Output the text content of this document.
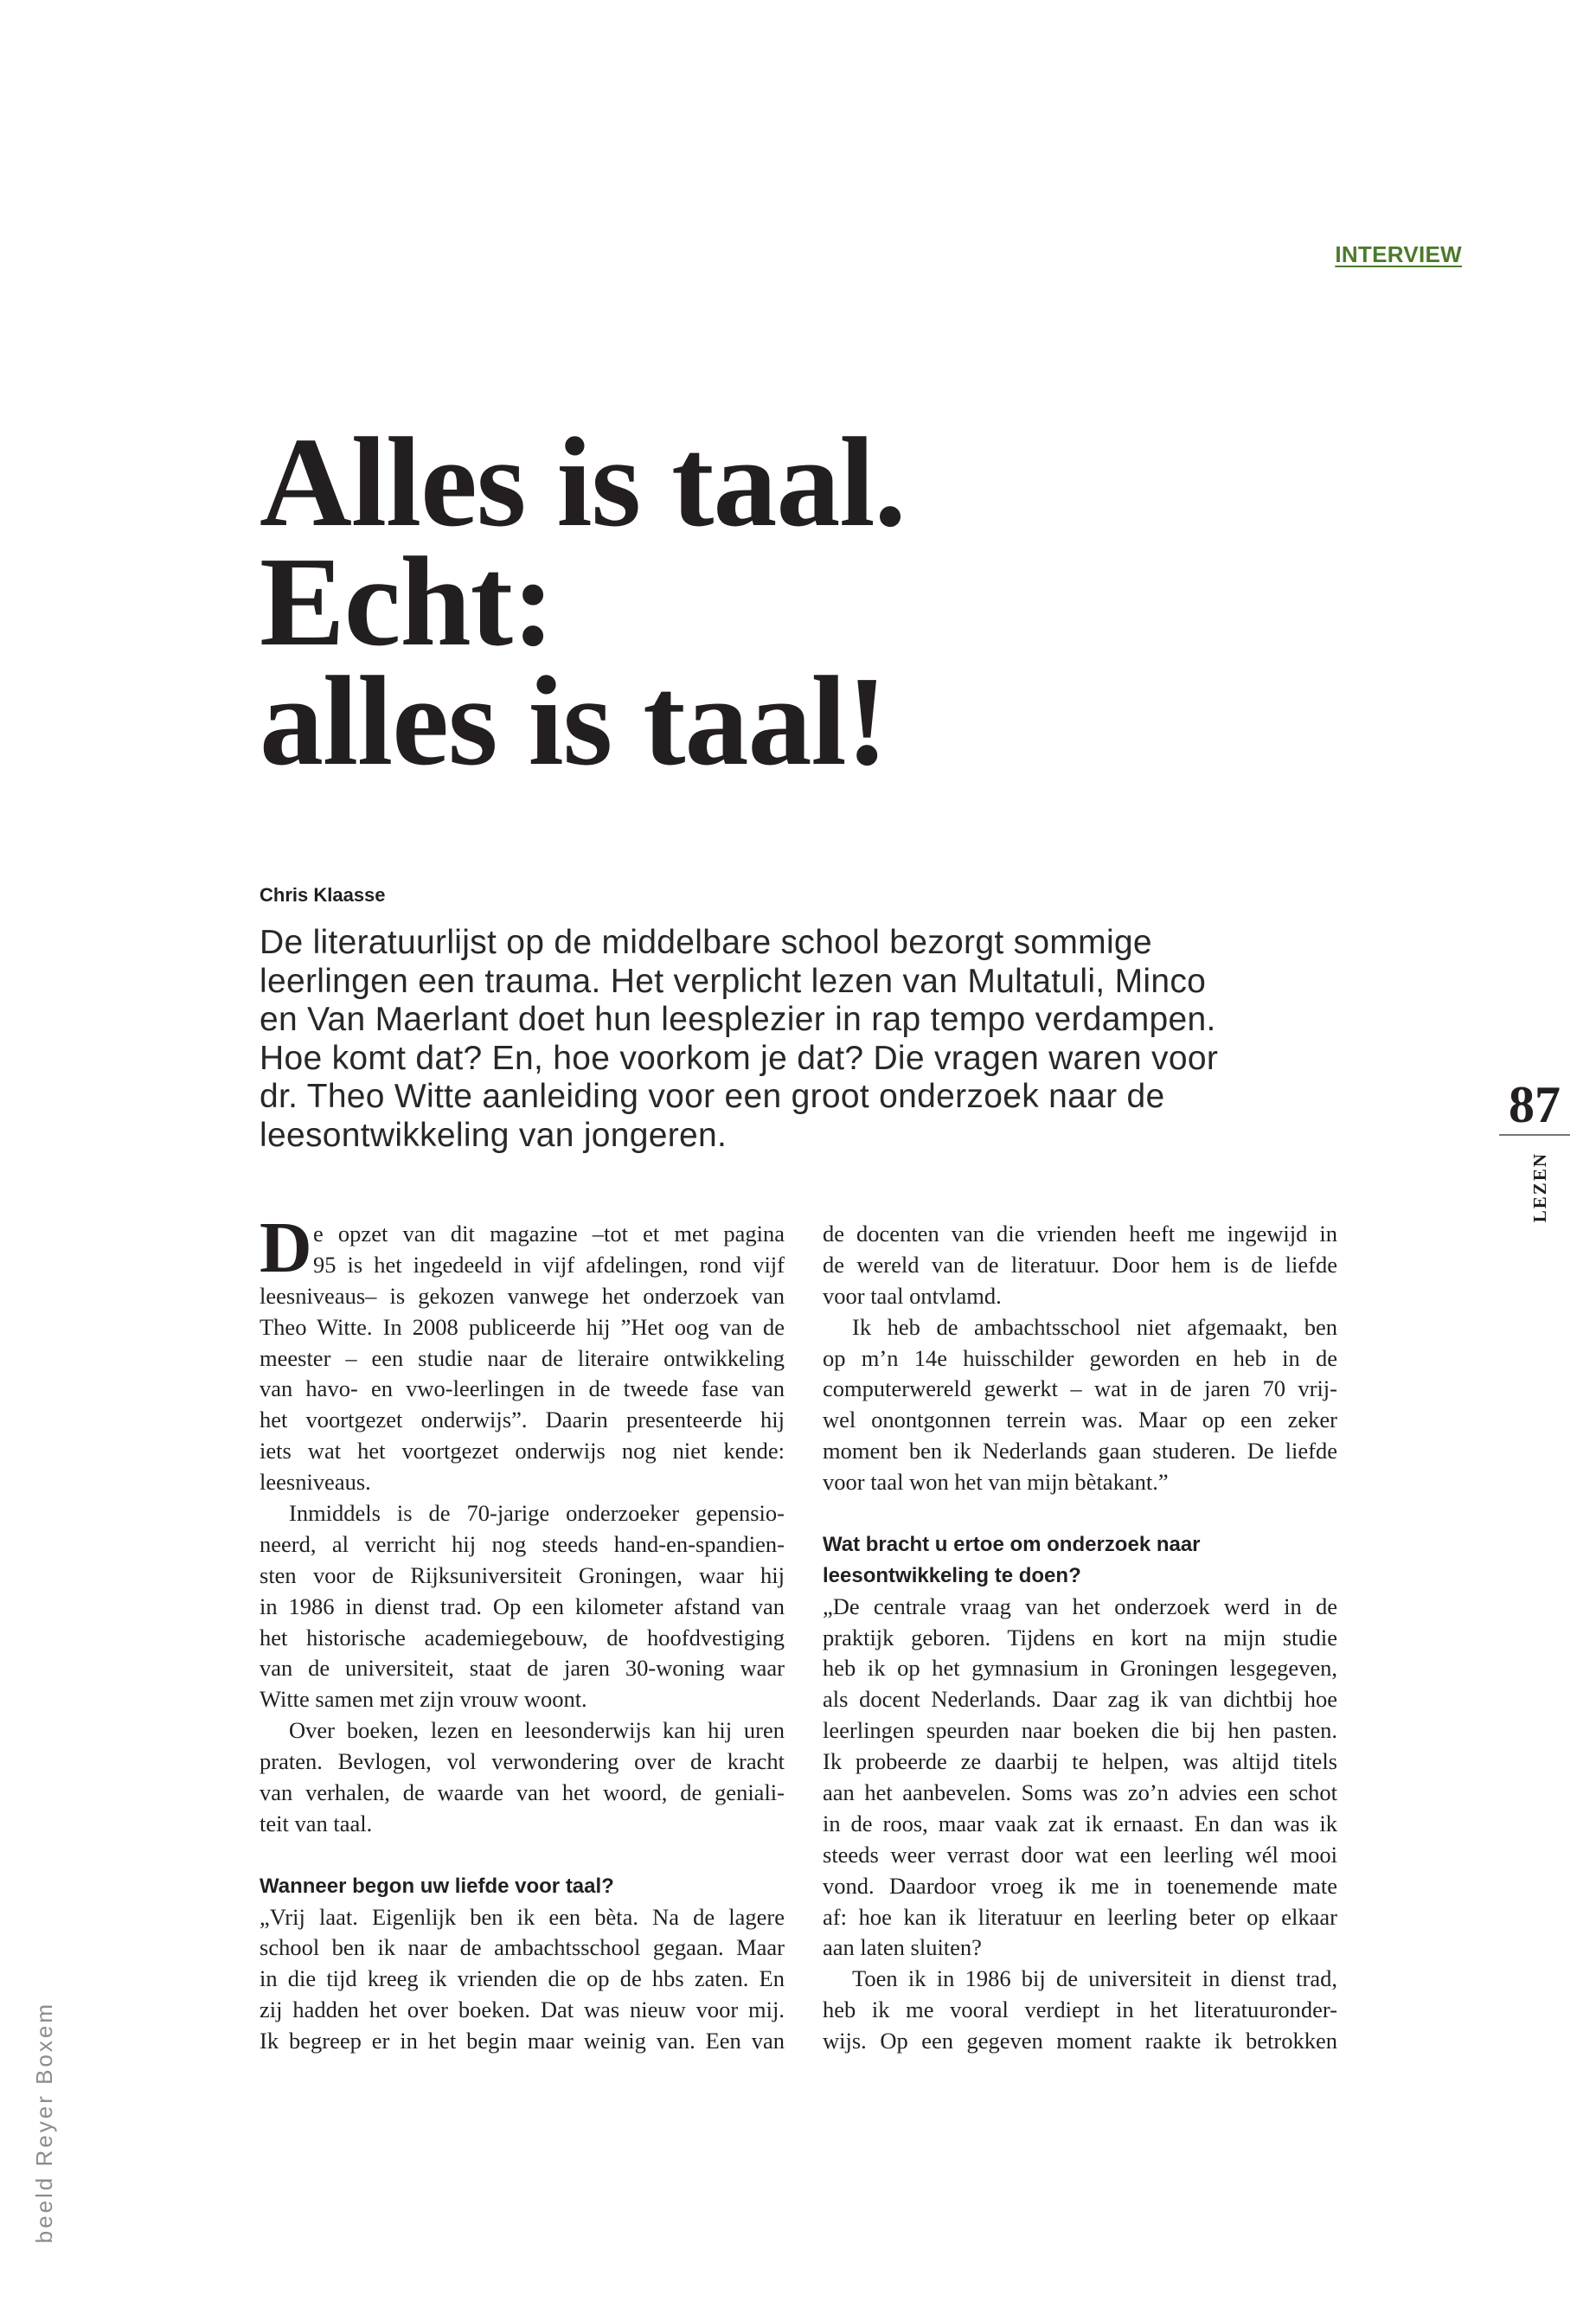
INTERVIEW
Alles is taal.
Echt:
alles is taal!
Chris Klaasse
De literatuurlijst op de middelbare school bezorgt sommige
leerlingen een trauma. Het verplicht lezen van Multatuli, Minco
en Van Maerlant doet hun leesplezier in rap tempo verdampen.
Hoe komt dat? En, hoe voorkom je dat? Die vragen waren voor
dr. Theo Witte aanleiding voor een groot onderzoek naar de
leesontwikkeling van jongeren.
87
LEZEN
D e opzet van dit magazine –tot et met pagina
95 is het ingedeeld in vijf afdelingen, rond vijf
leesniveaus– is gekozen vanwege het onderzoek van
Theo Witte. In 2008 publiceerde hij ”Het oog van de
meester – een studie naar de literaire ontwikkeling
van havo- en vwo-leerlingen in de tweede fase van
het voortgezet onderwijs”. Daarin presenteerde hij
iets wat het voortgezet onderwijs nog niet kende:
leesniveaus.
Inmiddels is de 70-jarige onderzoeker gepensio-
neerd, al verricht hij nog steeds hand-en-spandien-
sten voor de Rijksuniversiteit Groningen, waar hij
in 1986 in dienst trad. Op een kilometer afstand van
het historische academiegebouw, de hoofdvestiging
van de universiteit, staat de jaren 30-woning waar
Witte samen met zijn vrouw woont.
Over boeken, lezen en leesonderwijs kan hij uren
praten. Bevlogen, vol verwondering over de kracht
van verhalen, de waarde van het woord, de geniali-
teit van taal.
Wanneer begon uw liefde voor taal?
„Vrij laat. Eigenlijk ben ik een bèta. Na de lagere
school ben ik naar de ambachtsschool gegaan. Maar
in die tijd kreeg ik vrienden die op de hbs zaten. En
zij hadden het over boeken. Dat was nieuw voor mij.
Ik begreep er in het begin maar weinig van. Een van
de docenten van die vrienden heeft me ingewijd in
de wereld van de literatuur. Door hem is de liefde
voor taal ontvlamd.
Ik heb de ambachtsschool niet afgemaakt, ben
op m’n 14e huisschilder geworden en heb in de
computerwereld gewerkt – wat in de jaren 70 vrij-
wel onontgonnen terrein was. Maar op een zeker
moment ben ik Nederlands gaan studeren. De liefde
voor taal won het van mijn bètakant.”
Wat bracht u ertoe om onderzoek naar
leesontwikkeling te doen?
„De centrale vraag van het onderzoek werd in de
praktijk geboren. Tijdens en kort na mijn studie
heb ik op het gymnasium in Groningen lesgegeven,
als docent Nederlands. Daar zag ik van dichtbij hoe
leerlingen speurden naar boeken die bij hen pasten.
Ik probeerde ze daarbij te helpen, was altijd titels
aan het aanbevelen. Soms was zo’n advies een schot
in de roos, maar vaak zat ik ernaast. En dan was ik
steeds weer verrast door wat een leerling wél mooi
vond. Daardoor vroeg ik me in toenemende mate
af: hoe kan ik literatuur en leerling beter op elkaar
aan laten sluiten?
Toen ik in 1986 bij de universiteit in dienst trad,
heb ik me vooral verdiept in het literatuuronder-
wijs. Op een gegeven moment raakte ik betrokken
beeld Reyer Boxem
